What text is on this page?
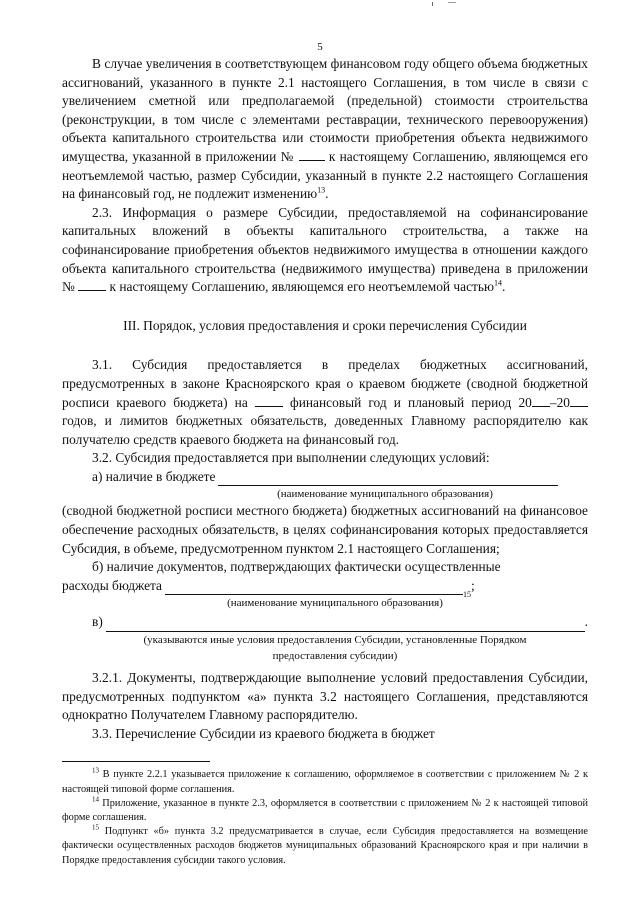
5

В случае увеличения в соответствующем финансовом году общего объема бюджетных ассигнований, указанного в пункте 2.1 настоящего Соглашения, в том числе в связи с увеличением сметной или предполагаемой (предельной) стоимости строительства (реконструкции, в том числе с элементами реставрации, технического перевооружения) объекта капитального строительства или стоимости приобретения объекта недвижимого имущества, указанной в приложении №	к настоящему Соглашению, являющемся его неотъемлемой частью, размер Субсидии, указанный в пункте 2.2 настоящего Соглашения на финансовый год, не подлежит изменению$^{13}$.

2.3. Информация о размере Субсидии, предоставляемой на софинансирование капитальных вложений в объекты капитального строительства, а также на софинансирование приобретения объектов недвижимого имущества в отношении каждого объекта капитального строительства (недвижимого имущества) приведена в приложении №	к настоящему Соглашению, являющемся его неотъемлемой частью$^{14}$.

III. Порядок, условия предоставления и сроки перечисления Субсидии

3.1. Субсидия предоставляется в пределах бюджетных ассигнований, предусмотренных в законе Красноярского края о краевом бюджете (сводной бюджетной росписи краевого бюджета) на	финансовый год и плановый период 20 –20 годов, и лимитов бюджетных обязательств, доведенных Главному распорядителю как получателю средств краевого бюджета на финансовый год.

3.2. Субсидия предоставляется при выполнении следующих условий:

а) наличие в бюджете

(наименование муниципального образования)

(сводной бюджетной росписи местного бюджета) бюджетных ассигнований на финансовое обеспечение расходных обязательств, в целях софинансирования которых предоставляется Субсидия, в объеме, предусмотренном пунктом 2.1 настоящего Соглашения;

б) наличие документов, подтверждающих фактически осуществленные

расходы бюджета
15
;

(наименование муниципального образования)

в)	.

(указываются иные условия предоставления Субсидии, установленные Порядком предоставления субсидии)

3.2.1. Документы, подтверждающие выполнение условий предоставления Субсидии, предусмотренных подпунктом «а» пункта 3.2 настоящего Соглашения, представляются однократно Получателем Главному распорядителю.

3.3. Перечисление Субсидии из краевого бюджета в бюджет

$^{13}$ В пункте 2.2.1 указывается приложение к соглашению, оформляемое в соответствии с приложением № 2 к настоящей типовой форме соглашения.

$^{14}$ Приложение, указанное в пункте 2.3, оформляется в соответствии с приложением № 2 к настоящей типовой форме соглашения.

$^{15}$ Подпункт «б» пункта 3.2 предусматривается в случае, если Субсидия предоставляется на возмещение фактически осуществленных расходов бюджетов муниципальных образований Красноярского края и при наличии в Порядке предоставления субсидии такого условия.
